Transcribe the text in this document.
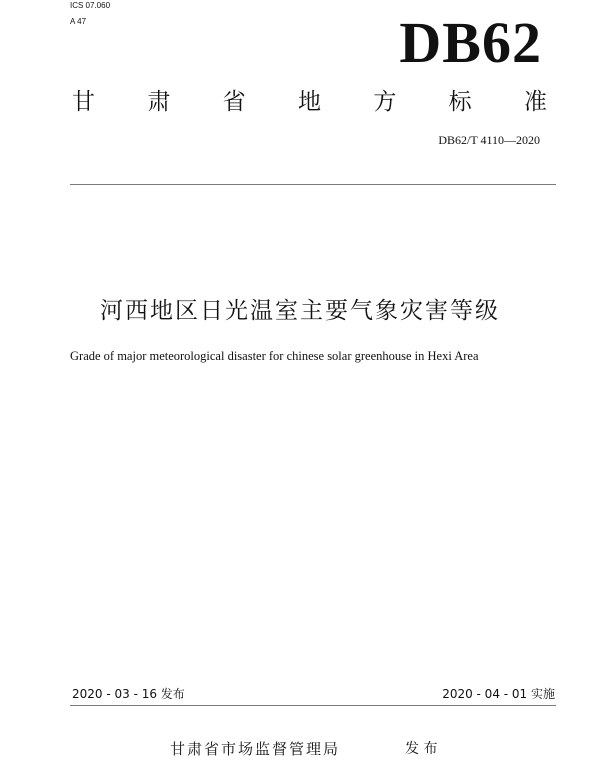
ICS 07.060
A 47	DB62
甘 肃 省 地 方 标 准
DB62/T 4110—2020
河西地区日光温室主要气象灾害等级
Grade of major meteorological disaster for chinese solar greenhouse in Hexi Area
2020 - 03 - 16 发布	2020 - 04 - 01 实施
甘肃省市场监督管理局	发 布
